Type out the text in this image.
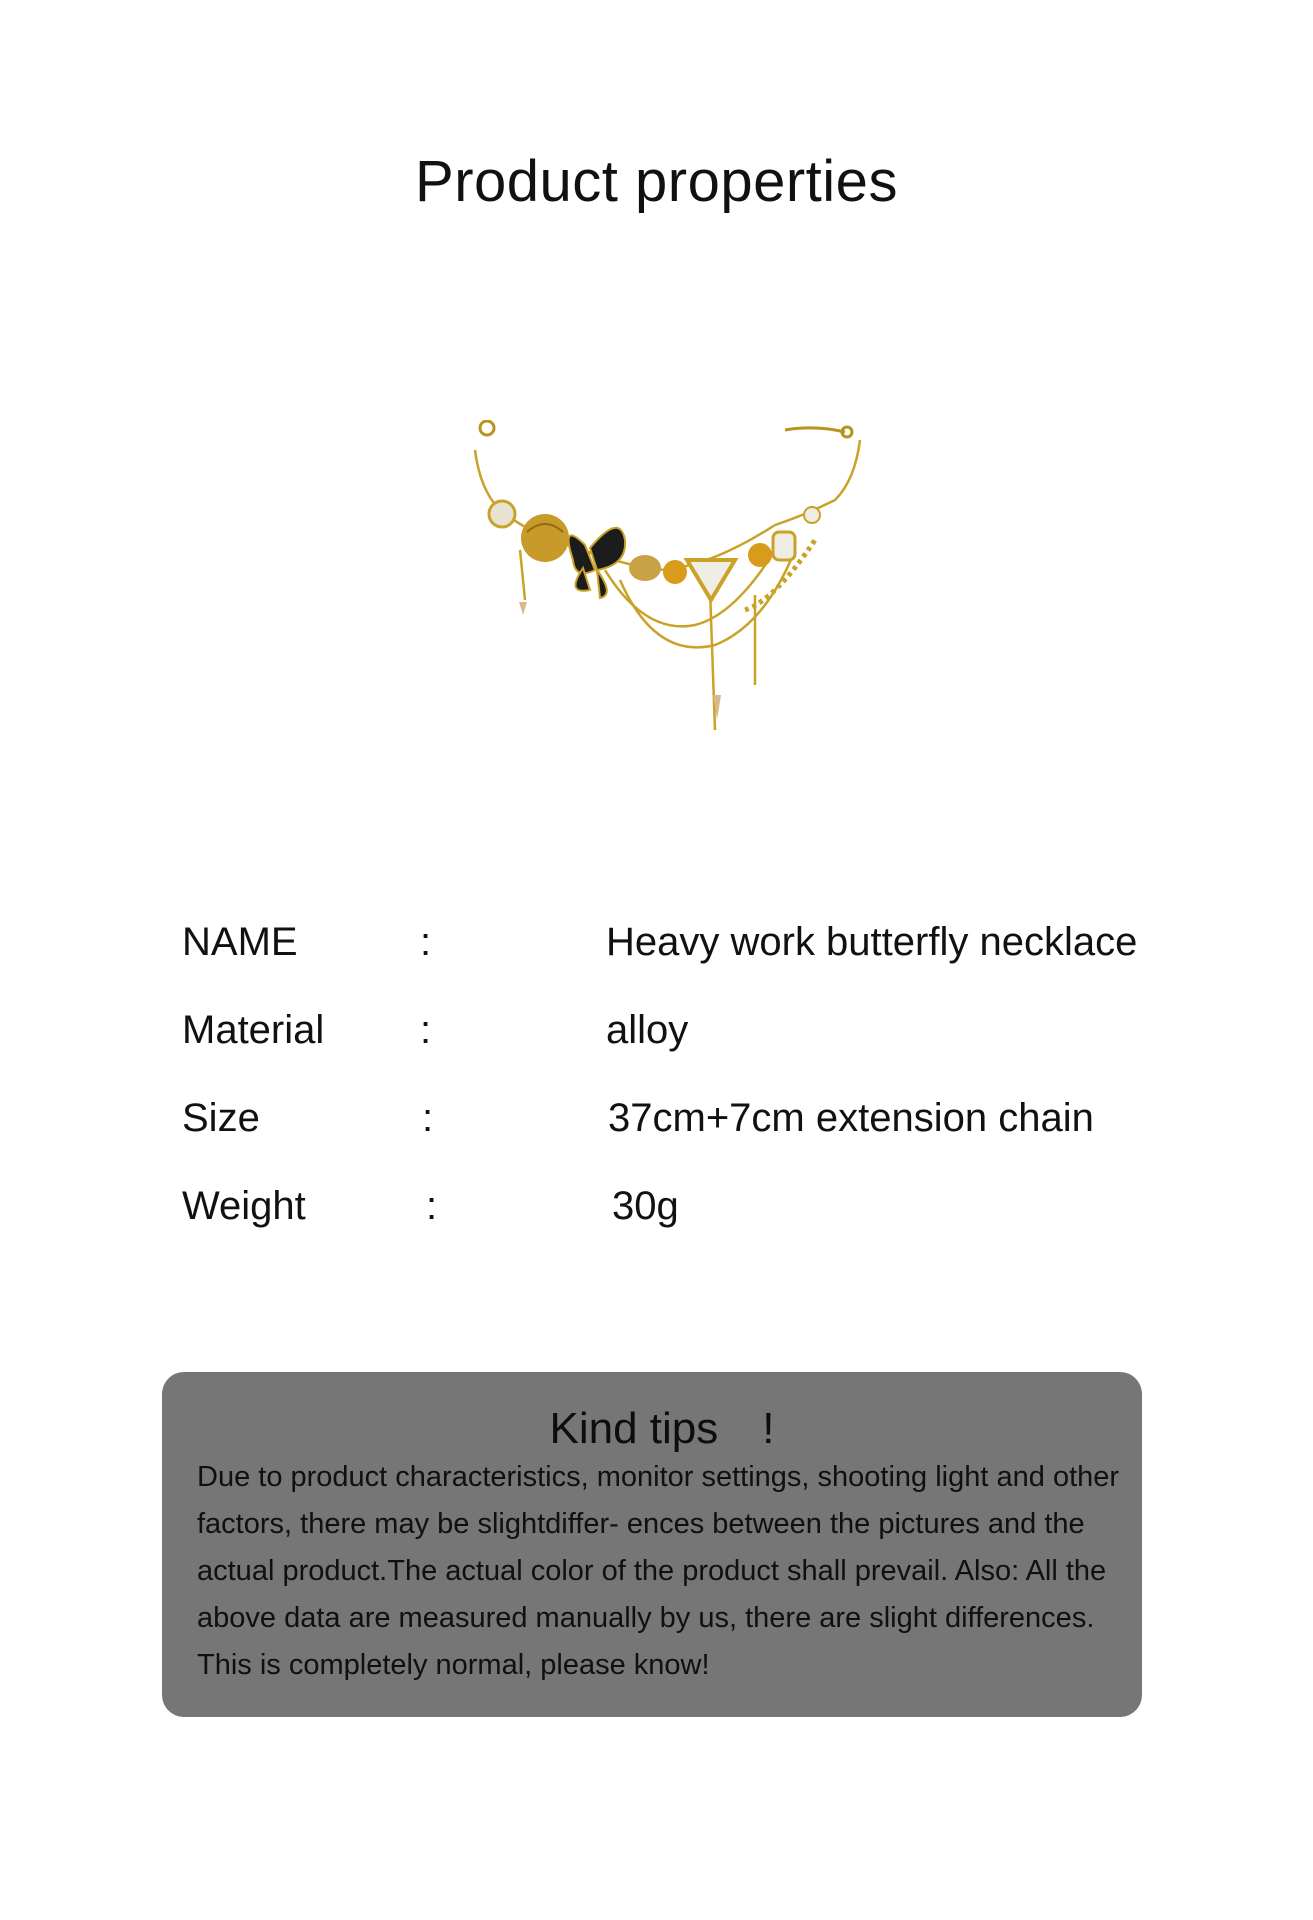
Product properties
NAME	:	Heavy work butterfly necklace
Material :	alloy
Size	:	37cm+7cm extension chain
Weight	:	30g
Kind tips　!
Due to product characteristics, monitor settings, shooting light and other factors, there may be slightdiffer- ences between the pictures and the actual product.The actual color of the product shall prevail. Also: All the above data are measured manually by us, there are slight differences. This is completely normal, please know!
